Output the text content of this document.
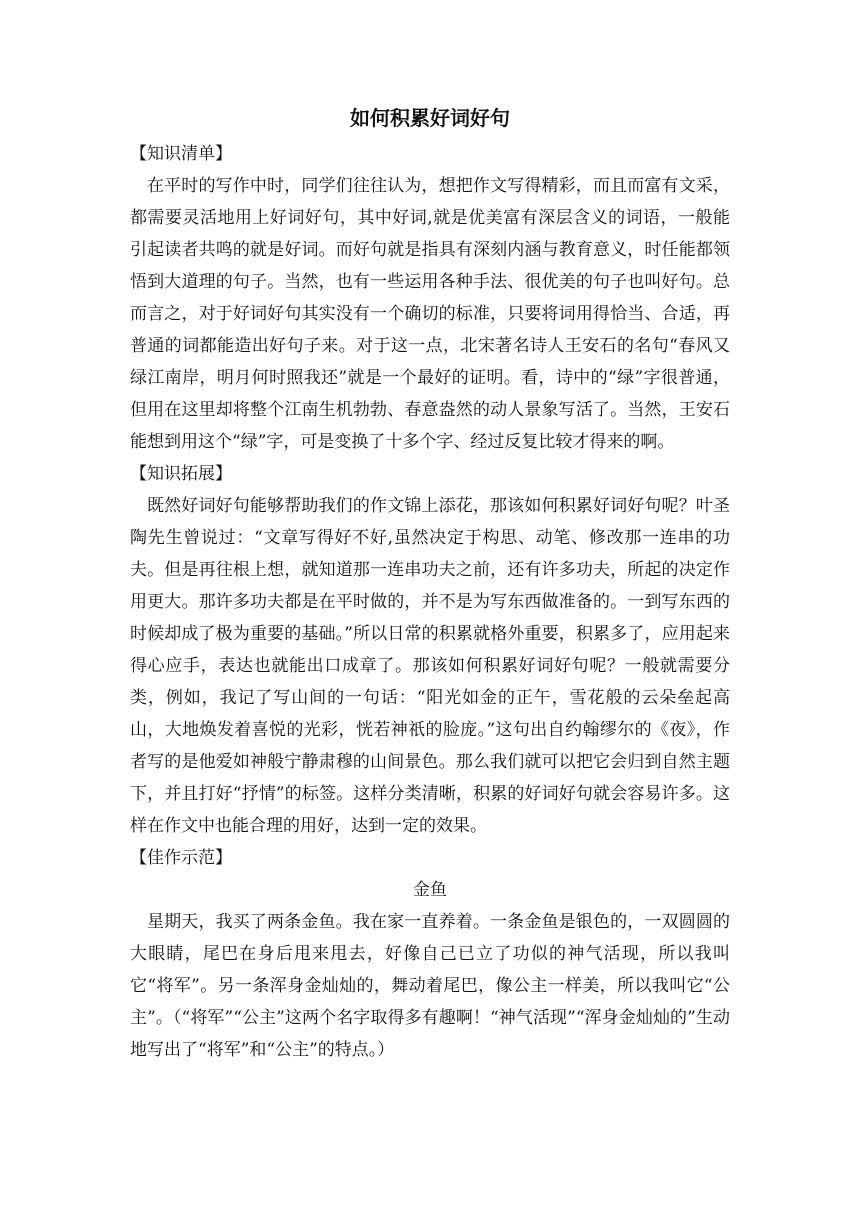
如何积累好词好句
【知识清单】

在平时的写作中时，同学们往往认为，想把作文写得精彩，而且而富有文采，都需要灵活地用上好词好句，其中好词,就是优美富有深层含义的词语，一般能引起读者共鸣的就是好词。而好句就是指具有深刻内涵与教育意义，时任能都领悟到大道理的句子。当然，也有一些运用各种手法、很优美的句子也叫好句。总而言之，对于好词好句其实没有一个确切的标准，只要将词用得恰当、合适，再普通的词都能造出好句子来。对于这一点，北宋著名诗人王安石的名句“春风又绿江南岸，明月何时照我还”就是一个最好的证明。看，诗中的“绿”字很普通，但用在这里却将整个江南生机勃勃、春意盎然的动人景象写活了。当然，王安石能想到用这个“绿”字，可是变换了十多个字、经过反复比较才得来的啊。

【知识拓展】

既然好词好句能够帮助我们的作文锦上添花，那该如何积累好词好句呢？叶圣陶先生曾说过：“文章写得好不好,虽然决定于构思、动笔、修改那一连串的功夫。但是再往根上想，就知道那一连串功夫之前，还有许多功夫，所起的决定作用更大。那许多功夫都是在平时做的，并不是为写东西做准备的。一到写东西的时候却成了极为重要的基础。”所以日常的积累就格外重要，积累多了，应用起来得心应手，表达也就能出口成章了。那该如何积累好词好句呢？一般就需要分类，例如，我记了写山间的一句话：“阳光如金的正午，雪花般的云朵垒起高山，大地焕发着喜悦的光彩，恍若神祇的脸庞。”这句出自约翰缪尔的《夜》，作者写的是他爱如神般宁静肃穆的山间景色。那么我们就可以把它会归到自然主题下，并且打好“抒情”的标签。这样分类清晰，积累的好词好句就会容易许多。这样在作文中也能合理的用好，达到一定的效果。

【佳作示范】
金鱼

星期天，我买了两条金鱼。我在家一直养着。一条金鱼是银色的，一双圆圆的大眼睛，尾巴在身后甩来甩去，好像自己已立了功似的神气活现，所以我叫它“将军”。另一条浑身金灿灿的，舞动着尾巴，像公主一样美，所以我叫它“公主”。（“将军”“公主”这两个名字取得多有趣啊！“神气活现”“浑身金灿灿的”生动地写出了“将军”和“公主”的特点。）
